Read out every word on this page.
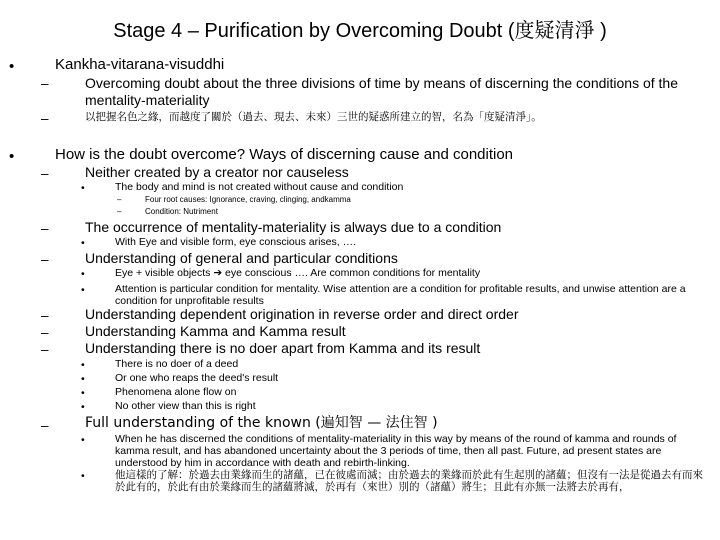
Stage 4 – Purification by Overcoming Doubt (度疑清淨 )
•	Kankha-vitarana-visuddhi
–	Overcoming doubt about the three divisions of time by means of discerning the conditions of the mentality-materiality
–	以把握名色之緣，而越度了關於（過去、現去、未來）三世的疑惑所建立的智，名為「度疑清淨」。
•	How is the doubt overcome? Ways of discerning cause and condition
–	Neither created by a creator nor causeless
•	The body and mind is not created without cause and condition
–	Four root causes: Ignorance, craving, clinging, andkamma
–	Condition: Nutriment
–	The occurrence of mentality-materiality is always due to a condition
•	With Eye and visible form, eye conscious arises, ….
–	Understanding of general and particular conditions
•	Eye + visible objects ➔ eye conscious …. Are common conditions for mentality
•	Attention is particular condition for mentality. Wise attention are a condition for profitable results, and unwise attention are a condition for unprofitable results
–	Understanding dependent origination in reverse order and direct order
–	Understanding Kamma and Kamma result
–	Understanding there is no doer apart from Kamma and its result
•	There is no doer of a deed
•	Or one who reaps the deed's result
•	Phenomena alone flow on
•	No other view than this is right
–	Full understanding of the known (遍知智 — 法住智 )
•	When he has discerned the conditions of mentality-materiality in this way by means of the round of kamma and rounds of kamma result, and has abandoned uncertainty about the 3 periods of time, then all past. Future, ad present states are understood by him in accordance with death and rebirth-linking.
•	他這樣的了解：於過去由業緣而生的諸蘊，已在彼處而滅；由於過去的業緣而於此有生起別的諸蘊；但沒有一法是從過去有而來於此有的，於此有由於業緣而生的諸蘊將滅，於再有（來世）別的（諸蘊）將生；且此有亦無一法將去於再有，
